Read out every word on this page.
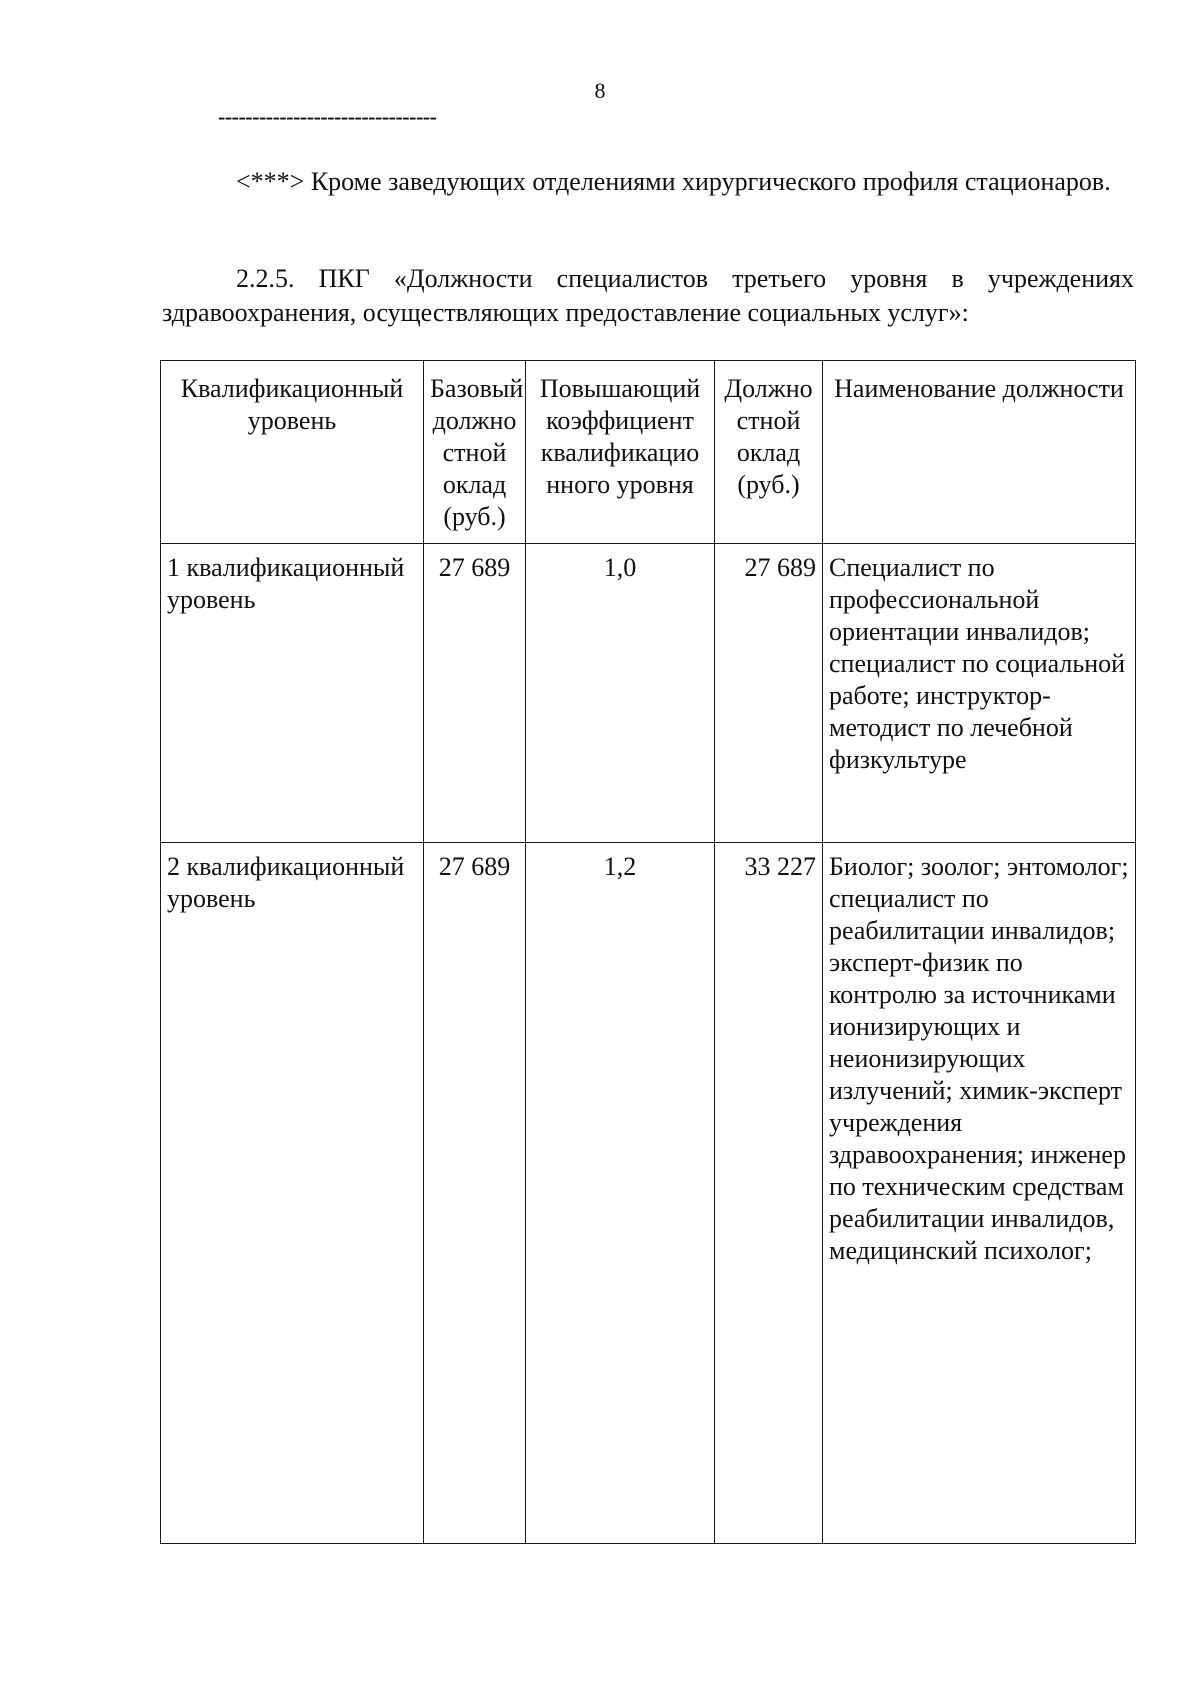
8
--------------------------------

<***> Кроме заведующих отделениями хирургического профиля стационаров.

2.2.5. ПКГ «Должности специалистов третьего уровня в учреждениях здравоохранения, осуществляющих предоставление социальных услуг»:

Квалификационный уровень	Базовый должно стной оклад (руб.)	Повышающий коэффициент квалификацио нного уровня	Должно стной оклад (руб.)	Наименование должности
1 квалификационный уровень	27 689	1,0	27 689	Специалист по профессиональной ориентации инвалидов; специалист по социальной работе; инструктор-методист по лечебной физкультуре
2 квалификационный уровень	27 689	1,2	33 227	Биолог; зоолог; энтомолог; специалист по реабилитации инвалидов; эксперт-физик по контролю за источниками ионизирующих и неионизирующих излучений; химик-эксперт учреждения здравоохранения; инженер по техническим средствам реабилитации инвалидов, медицинский психолог;
